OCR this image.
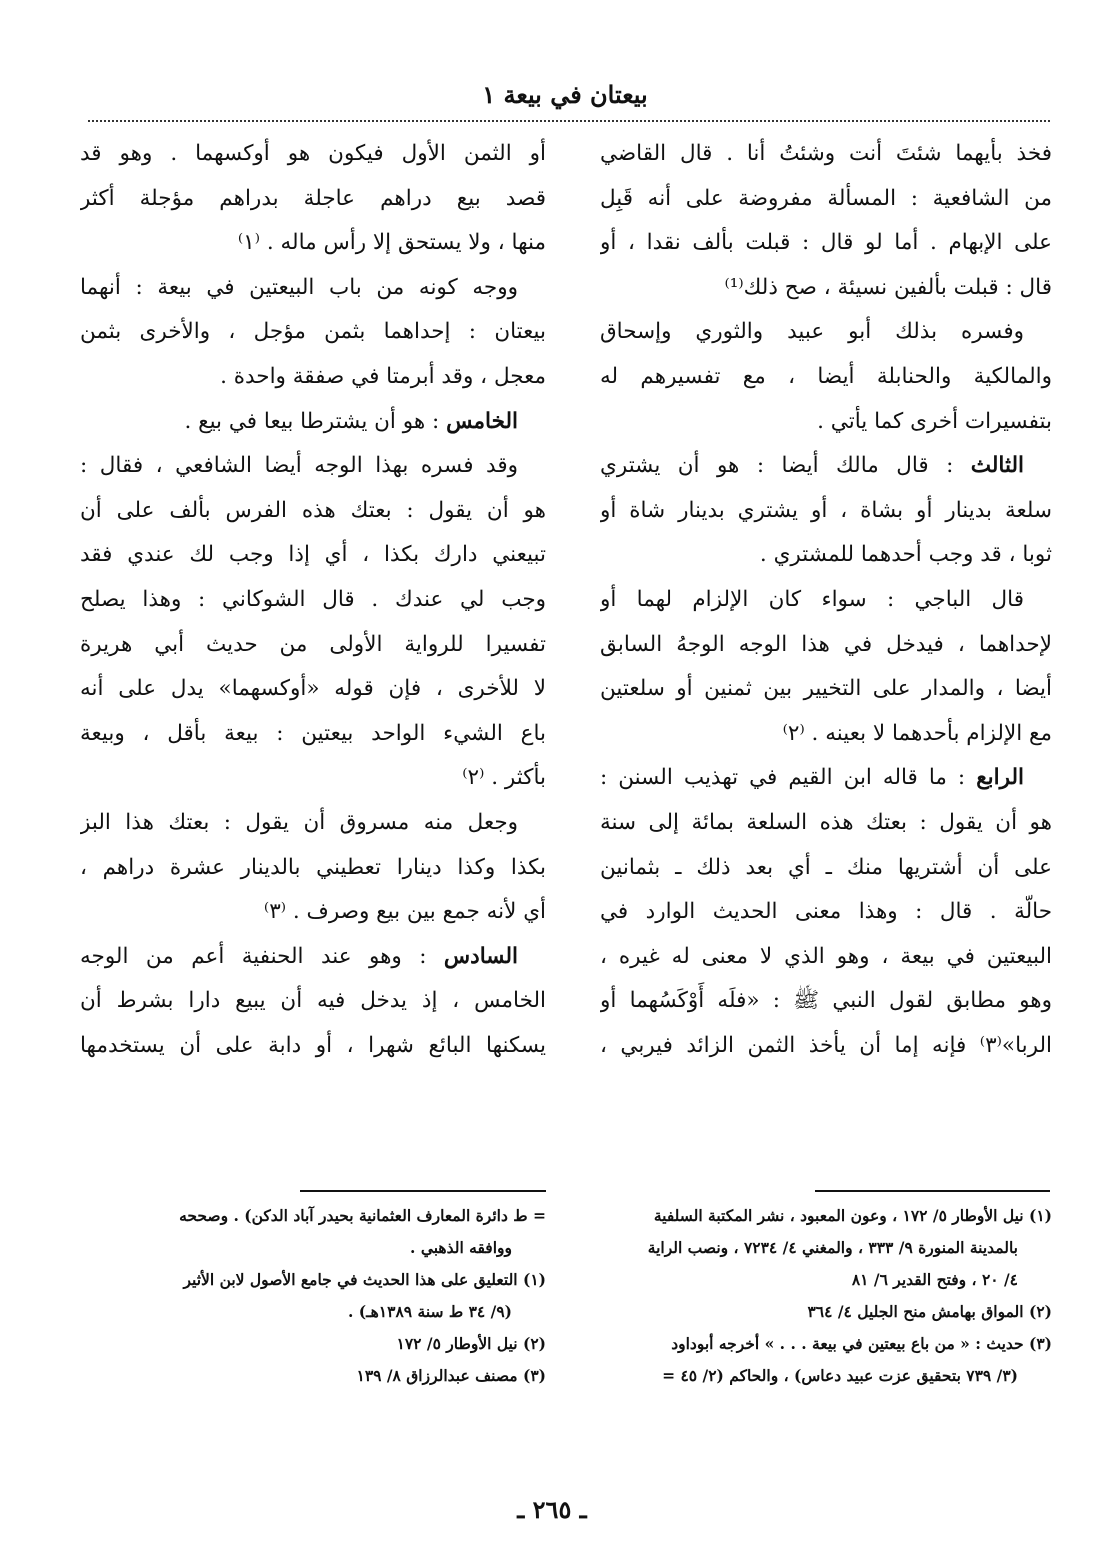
بيعتان في بيعة ١
فخذ بأيهما شئتَ أنت وشئتُ أنا . قال القاضي
من الشافعية : المسألة مفروضة على أنه قَبِل
على الإبهام . أما لو قال : قبلت بألف نقدا ، أو
قال : قبلت بألفين نسيئة ، صح ذلك⁽¹⁾
وفسره بذلك أبو عبيد والثوري وإسحاق
والمالكية والحنابلة أيضا ، مع تفسيرهم له
بتفسيرات أخرى كما يأتي .
الثالث : قال مالك أيضا : هو أن يشتري
سلعة بدينار أو بشاة ، أو يشتري بدينار شاة أو
ثوبا ، قد وجب أحدهما للمشتري .
قال الباجي : سواء كان الإلزام لهما أو
لإحداهما ، فيدخل في هذا الوجه الوجهُ السابق
أيضا ، والمدار على التخيير بين ثمنين أو سلعتين
مع الإلزام بأحدهما لا بعينه . ⁽٢⁾
الرابع : ما قاله ابن القيم في تهذيب السنن :
هو أن يقول : بعتك هذه السلعة بمائة إلى سنة
على أن أشتريها منك ـ أي بعد ذلك ـ بثمانين
حالّة . قال : وهذا معنى الحديث الوارد في
البيعتين في بيعة ، وهو الذي لا معنى له غيره ،
وهو مطابق لقول النبي ﷺ : «فلَه أَوْكَسُهما أو
الربا»⁽٣⁾ فإنه إما أن يأخذ الثمن الزائد فيربي ،
أو الثمن الأول فيكون هو أوكسهما . وهو قد
قصد بيع دراهم عاجلة بدراهم مؤجلة أكثر
منها ، ولا يستحق إلا رأس ماله . ⁽١⁾
ووجه كونه من باب البيعتين في بيعة : أنهما
بيعتان : إحداهما بثمن مؤجل ، والأخرى بثمن
معجل ، وقد أبرمتا في صفقة واحدة .
الخامس : هو أن يشترطا بيعا في بيع .
وقد فسره بهذا الوجه أيضا الشافعي ، فقال :
هو أن يقول : بعتك هذه الفرس بألف على أن
تبيعني دارك بكذا ، أي إذا وجب لك عندي فقد
وجب لي عندك . قال الشوكاني : وهذا يصلح
تفسيرا للرواية الأولى من حديث أبي هريرة
لا للأخرى ، فإن قوله «أوكسهما» يدل على أنه
باع الشيء الواحد بيعتين : بيعة بأقل ، وبيعة
بأكثر . ⁽٢⁾
وجعل منه مسروق أن يقول : بعتك هذا البز
بكذا وكذا دينارا تعطيني بالدينار عشرة دراهم ،
أي لأنه جمع بين بيع وصرف . ⁽٣⁾
السادس : وهو عند الحنفية أعم من الوجه
الخامس ، إذ يدخل فيه أن يبيع دارا بشرط أن
يسكنها البائع شهرا ، أو دابة على أن يستخدمها
(١) نيل الأوطار ٥/ ١٧٢ ، وعون المعبود ، نشر المكتبة السلفية
بالمدينة المنورة ٩/ ٣٣٣ ، والمغني ٤/ ٧٢٣٤ ، ونصب الراية
٤/ ٢٠ ، وفتح القدير ٦/ ٨١
(٢) المواق بهامش منح الجليل ٤/ ٣٦٤
(٣) حديث : « من باع بيعتين في بيعة . . . » أخرجه أبوداود
(٣/ ٧٣٩ بتحقيق عزت عبيد دعاس) ، والحاكم (٢/ ٤٥ =
= ط دائرة المعارف العثمانية بحيدر آباد الدكن) . وصححه
ووافقه الذهبي .
(١) التعليق على هذا الحديث في جامع الأصول لابن الأثير
(٩/ ٣٤ ط سنة ١٣٨٩هـ) .
(٢) نيل الأوطار ٥/ ١٧٢
(٣) مصنف عبدالرزاق ٨/ ١٣٩
ـ ٢٦٥ ـ
